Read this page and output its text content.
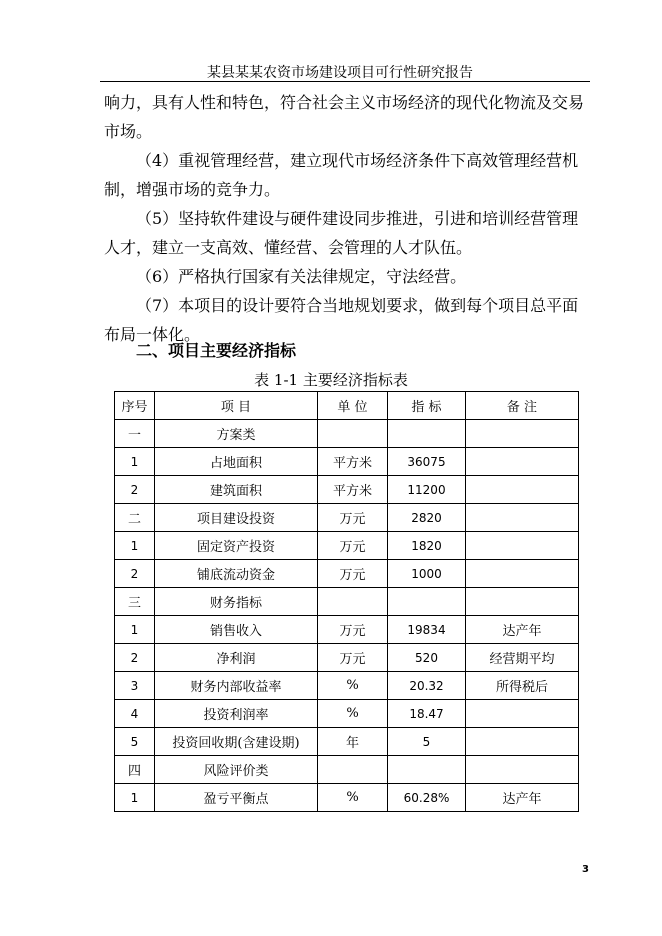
某县某某农资市场建设项目可行性研究报告

响力，具有人性和特色，符合社会主义市场经济的现代化物流及交易市场。

（4）重视管理经营，建立现代市场经济条件下高效管理经营机制，增强市场的竞争力。

（5）坚持软件建设与硬件建设同步推进，引进和培训经营管理人才，建立一支高效、懂经营、会管理的人才队伍。

（6）严格执行国家有关法律规定，守法经营。

（7）本项目的设计要符合当地规划要求，做到每个项目总平面布局一体化。

二、项目主要经济指标
表 1-1 主要经济指标表
序号	项 目	单 位	指 标	备 注
一	方案类			
1	占地面积	平方米	36075	
2	建筑面积	平方米	11200	
二	项目建设投资	万元	2820	
1	固定资产投资	万元	1820	
2	铺底流动资金	万元	1000	
三	财务指标			
1	销售收入	万元	19834	达产年
2	净利润	万元	520	经营期平均
3	财务内部收益率	%	20.32	所得税后
4	投资利润率	%	18.47	
5	投资回收期(含建设期)	年	5	
四	风险评价类			
1	盈亏平衡点	%	60.28%	达产年
3
